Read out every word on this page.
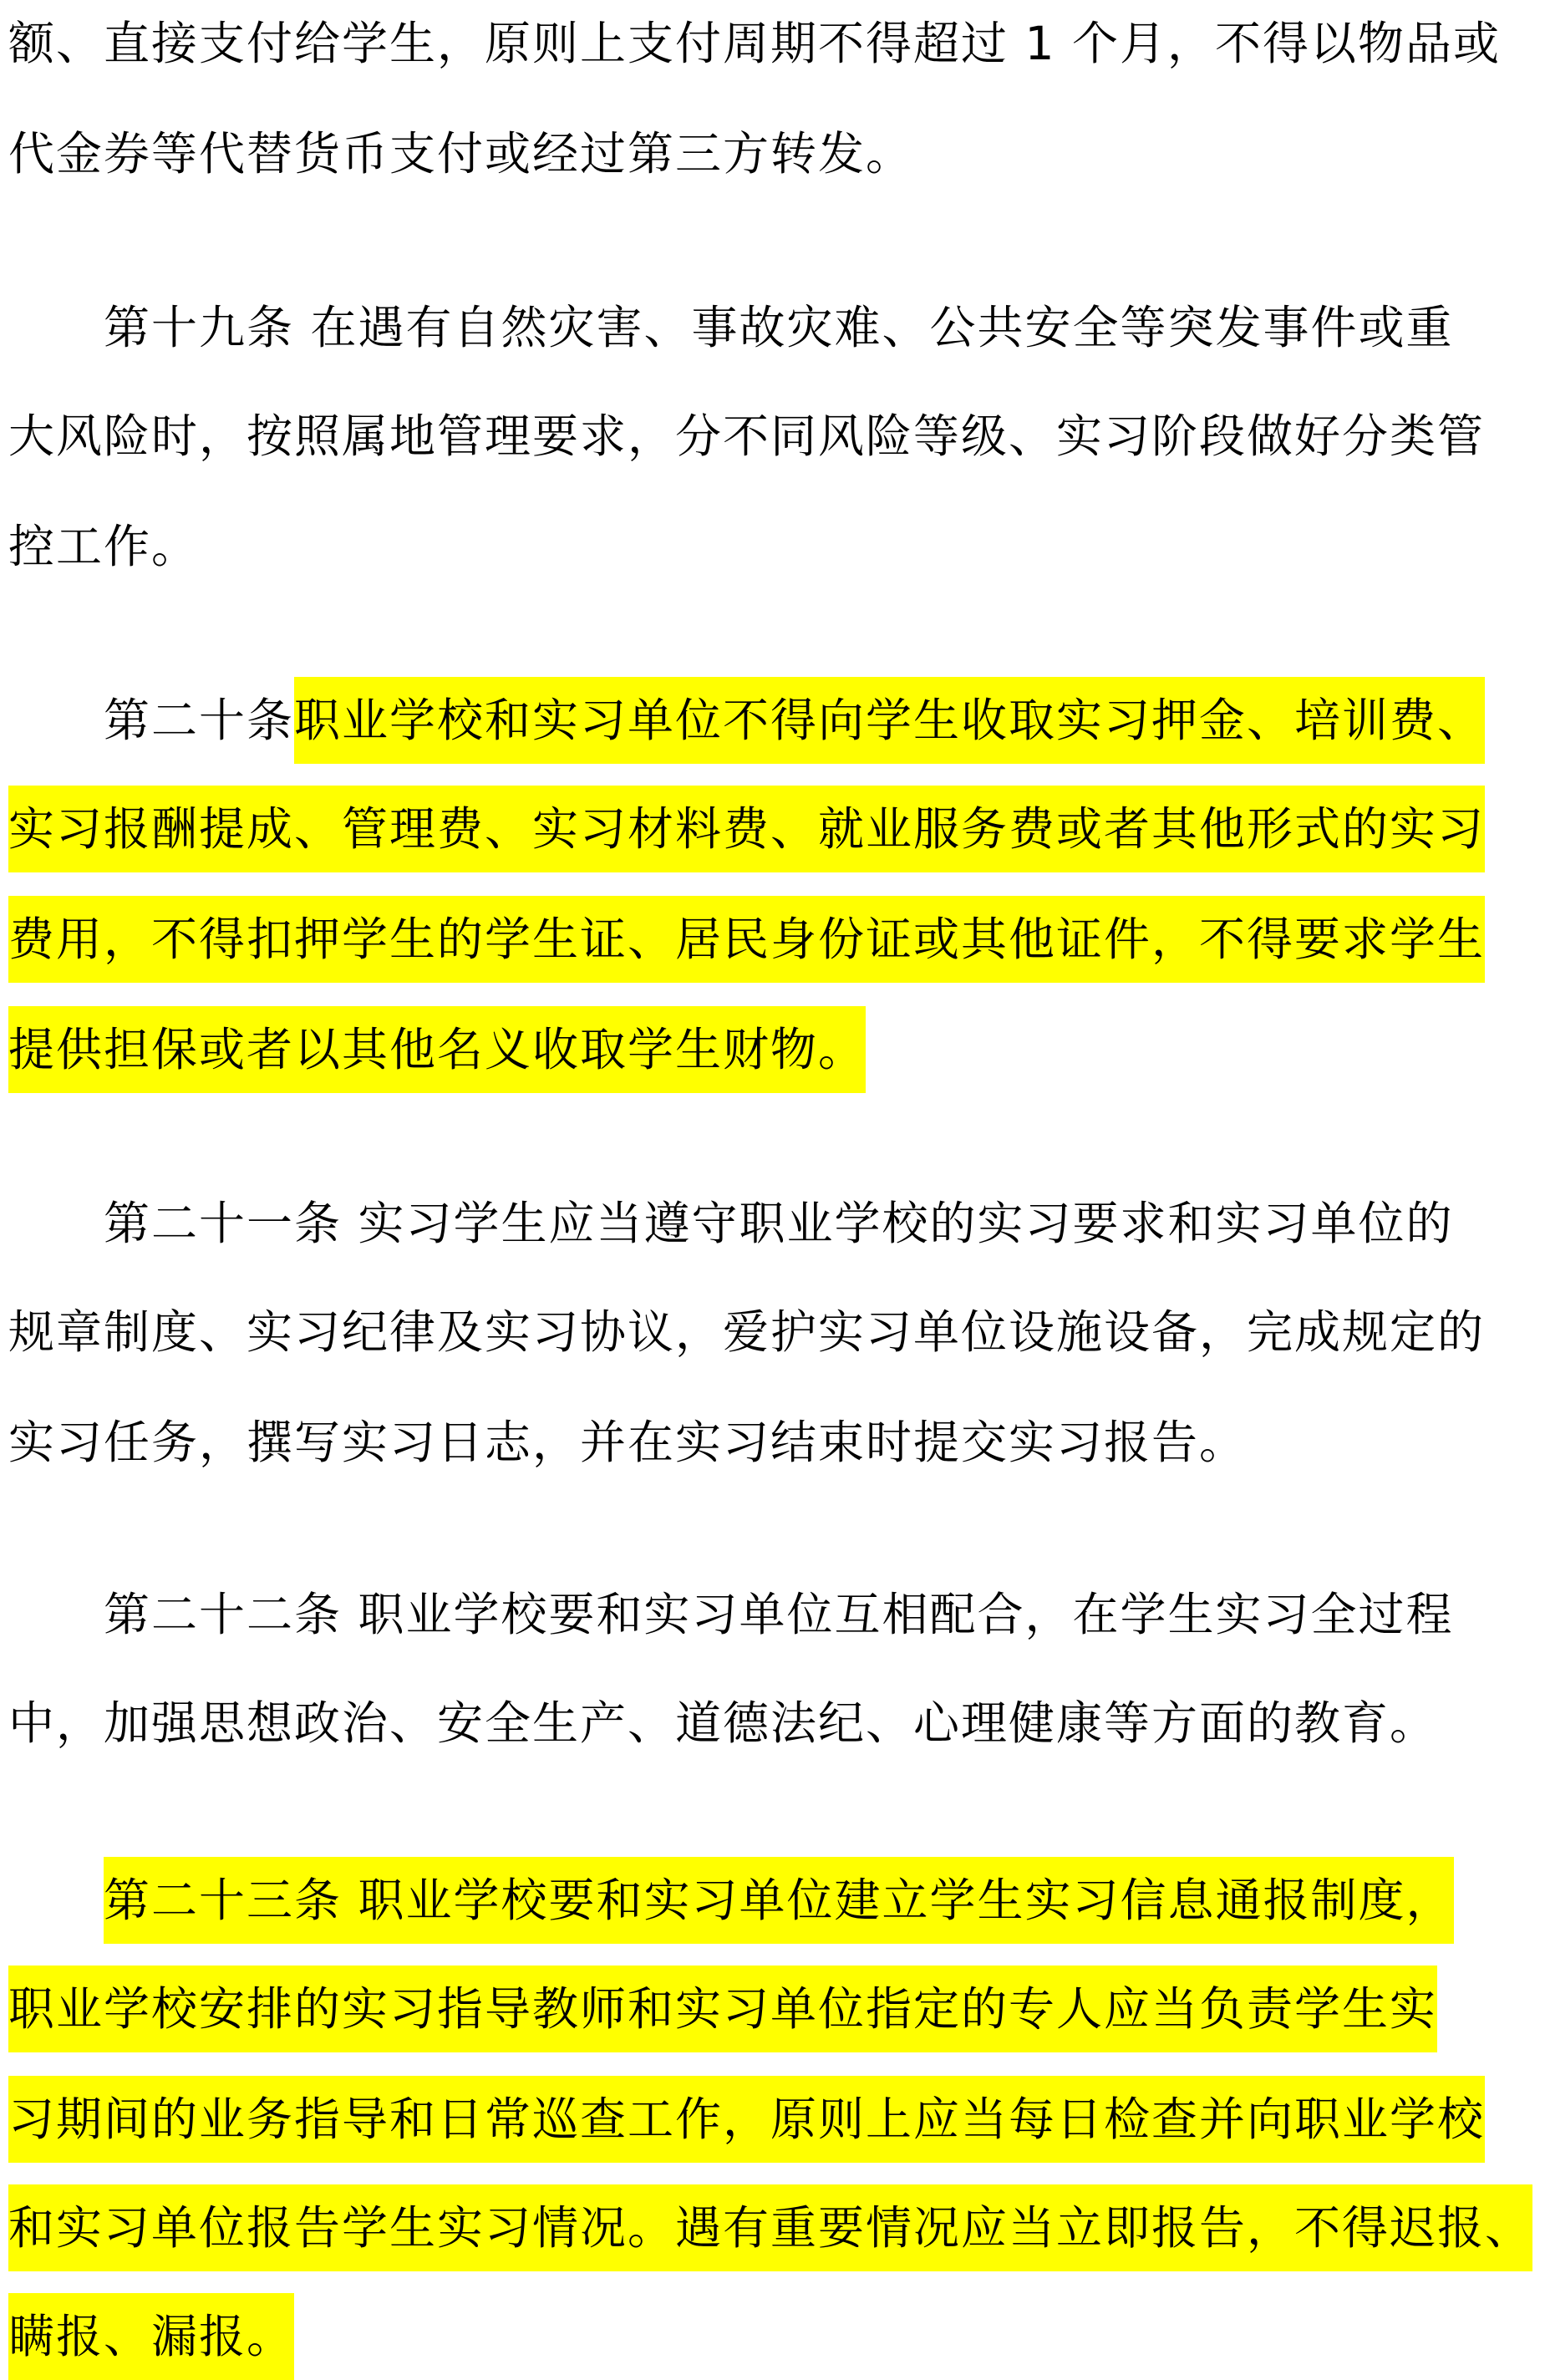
额、直接支付给学生，原则上支付周期不得超过 1 个月，不得以物品或
代金券等代替货币支付或经过第三方转发。
第十九条 在遇有自然灾害、事故灾难、公共安全等突发事件或重
大风险时，按照属地管理要求，分不同风险等级、实习阶段做好分类管
控工作。
第二十条职业学校和实习单位不得向学生收取实习押金、培训费、
实习报酬提成、管理费、实习材料费、就业服务费或者其他形式的实习
费用，不得扣押学生的学生证、居民身份证或其他证件，不得要求学生
提供担保或者以其他名义收取学生财物。
第二十一条 实习学生应当遵守职业学校的实习要求和实习单位的
规章制度、实习纪律及实习协议，爱护实习单位设施设备，完成规定的
实习任务，撰写实习日志，并在实习结束时提交实习报告。
第二十二条 职业学校要和实习单位互相配合，在学生实习全过程
中，加强思想政治、安全生产、道德法纪、心理健康等方面的教育。
第二十三条 职业学校要和实习单位建立学生实习信息通报制度，
职业学校安排的实习指导教师和实习单位指定的专人应当负责学生实
习期间的业务指导和日常巡查工作，原则上应当每日检查并向职业学校
和实习单位报告学生实习情况。遇有重要情况应当立即报告，不得迟报、
瞒报、漏报。
